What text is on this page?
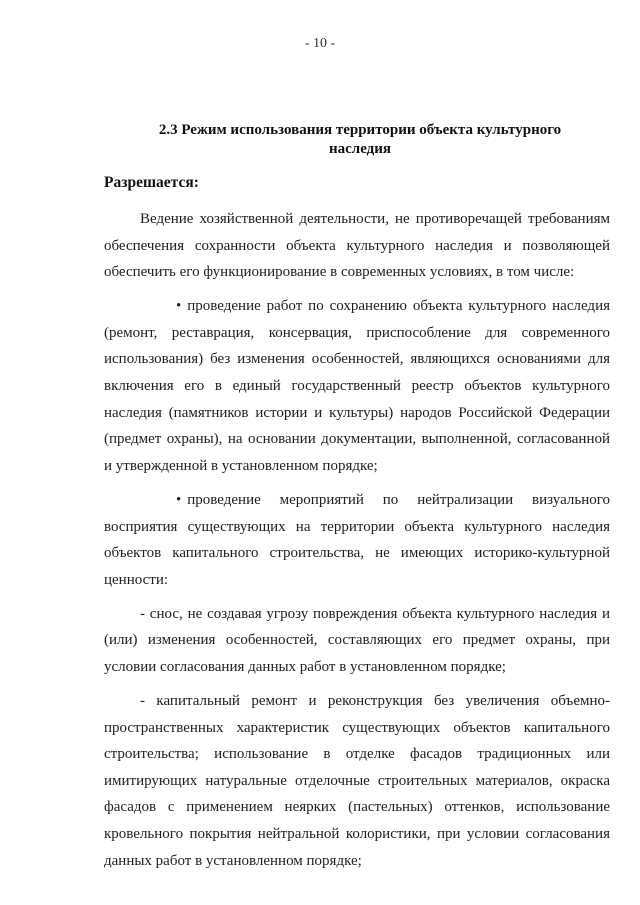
- 10 -
2.3 Режим использования территории объекта культурного наследия
Разрешается:

Ведение хозяйственной деятельности, не противоречащей требованиям обеспечения сохранности объекта культурного наследия и позволяющей обеспечить его функционирование в современных условиях, в том числе:

• проведение работ по сохранению объекта культурного наследия (ремонт, реставрация, консервация, приспособление для современного использования) без изменения особенностей, являющихся основаниями для включения его в единый государственный реестр объектов культурного наследия (памятников истории и культуры) народов Российской Федерации (предмет охраны), на основании документации, выполненной, согласованной и утвержденной в установленном порядке;

• проведение мероприятий по нейтрализации визуального восприятия существующих на территории объекта культурного наследия объектов капитального строительства, не имеющих историко-культурной ценности:

- снос, не создавая угрозу повреждения объекта культурного наследия и (или) изменения особенностей, составляющих его предмет охраны, при условии согласования данных работ в установленном порядке;

- капитальный ремонт и реконструкция без увеличения объемно-пространственных характеристик существующих объектов капитального строительства; использование в отделке фасадов традиционных или имитирующих натуральные отделочные строительных материалов, окраска фасадов с применением неярких (пастельных) оттенков, использование кровельного покрытия нейтральной колористики, при условии согласования данных работ в установленном порядке;
